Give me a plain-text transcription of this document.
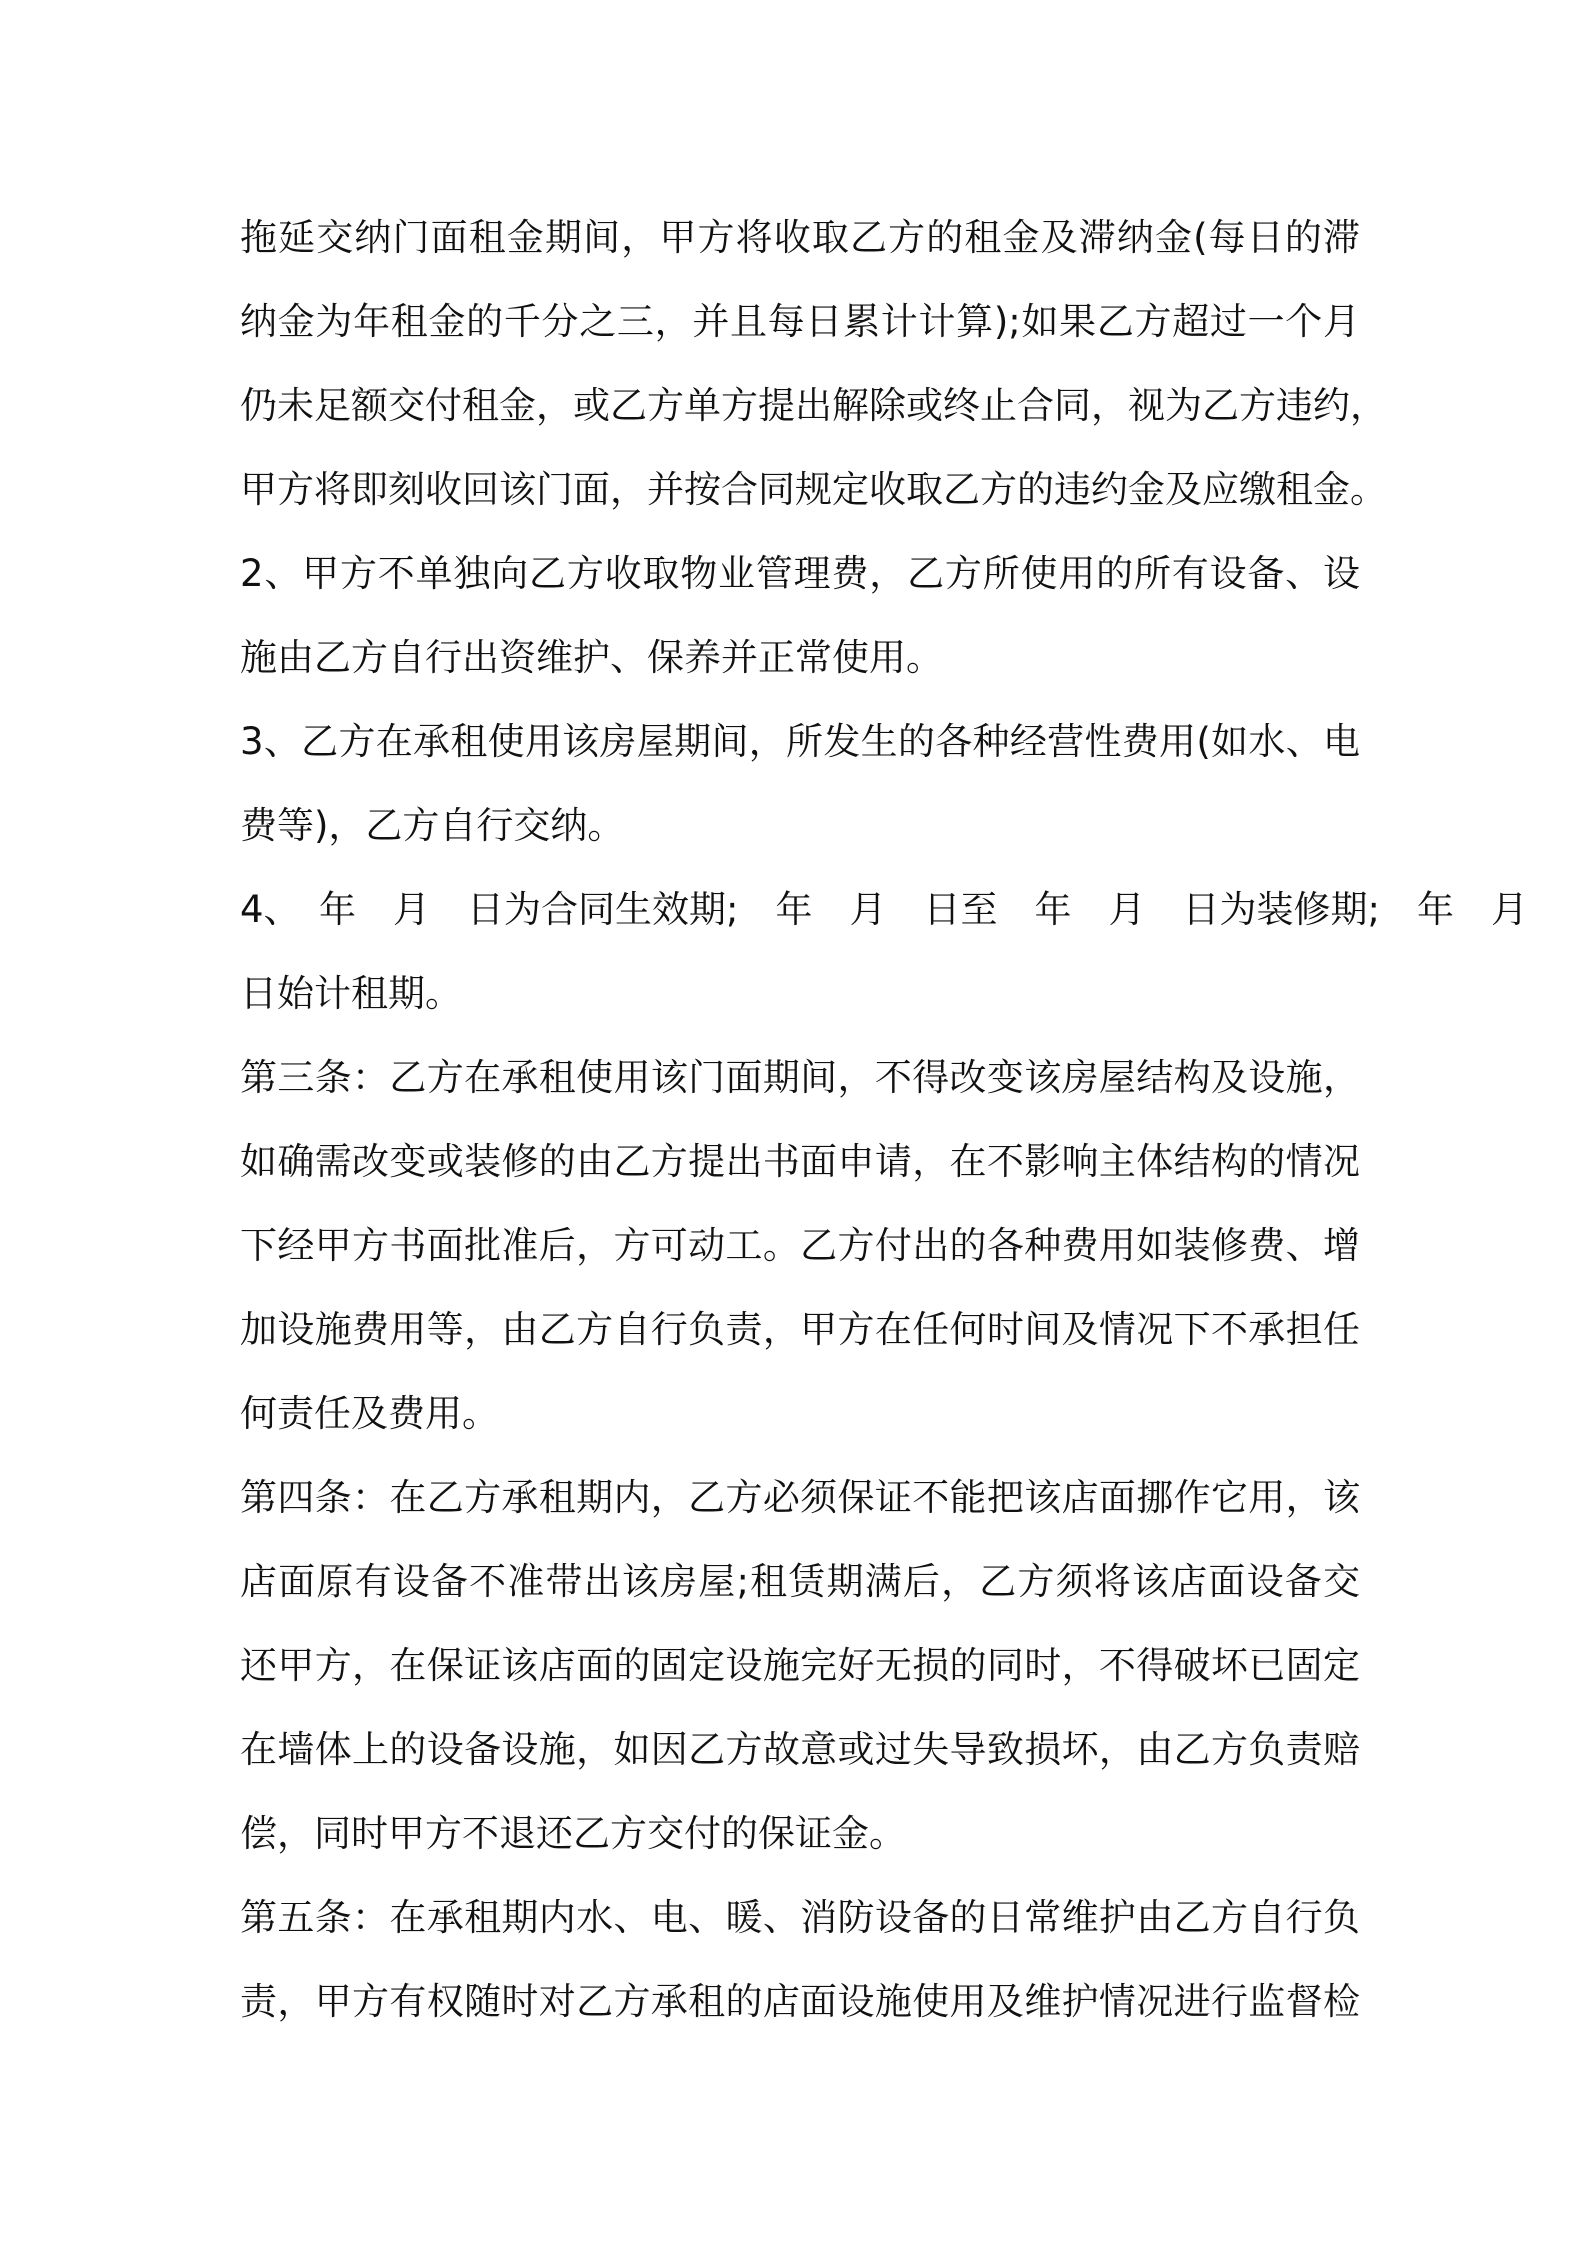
拖延交纳门面租金期间，甲方将收取乙方的租金及滞纳金(每日的滞
纳金为年租金的千分之三，并且每日累计计算);如果乙方超过一个月
仍未足额交付租金，或乙方单方提出解除或终止合同，视为乙方违约，
甲方将即刻收回该门面，并按合同规定收取乙方的违约金及应缴租金。
2、甲方不单独向乙方收取物业管理费，乙方所使用的所有设备、设
施由乙方自行出资维护、保养并正常使用。
3、乙方在承租使用该房屋期间，所发生的各种经营性费用(如水、电
费等)，乙方自行交纳。
4、　年　月　日为合同生效期;　年　月　日至　年　月　日为装修期;　年　月
日始计租期。
第三条：乙方在承租使用该门面期间，不得改变该房屋结构及设施，
如确需改变或装修的由乙方提出书面申请，在不影响主体结构的情况
下经甲方书面批准后，方可动工。乙方付出的各种费用如装修费、增
加设施费用等，由乙方自行负责，甲方在任何时间及情况下不承担任
何责任及费用。
第四条：在乙方承租期内，乙方必须保证不能把该店面挪作它用，该
店面原有设备不准带出该房屋;租赁期满后，乙方须将该店面设备交
还甲方，在保证该店面的固定设施完好无损的同时，不得破坏已固定
在墙体上的设备设施，如因乙方故意或过失导致损坏，由乙方负责赔
偿，同时甲方不退还乙方交付的保证金。
第五条：在承租期内水、电、暖、消防设备的日常维护由乙方自行负
责，甲方有权随时对乙方承租的店面设施使用及维护情况进行监督检
